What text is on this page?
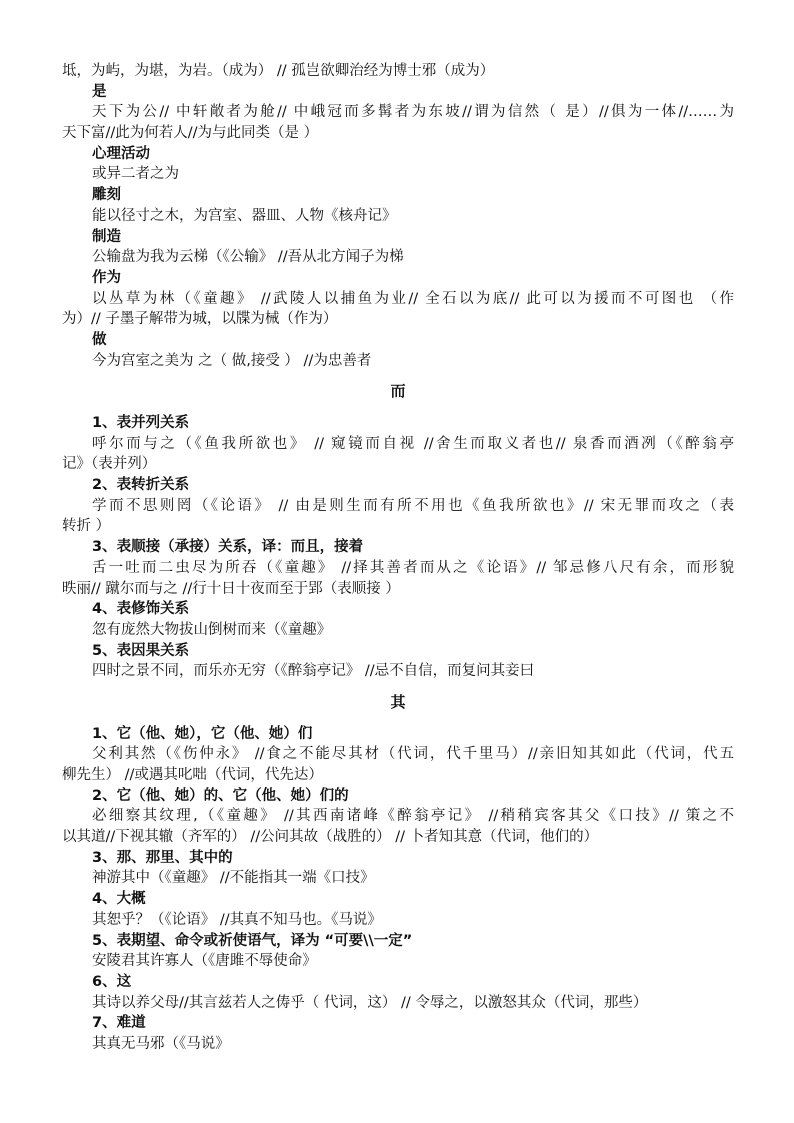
坻，为屿，为堪，为岩。（成为） // 孤岂欲卿治经为博士邪（成为）
是
天下为公// 中轩敞者为舱// 中峨冠而多髯者为东坡//谓为信然（ 是）//俱为一体//……为
天下富//此为何若人//为与此同类（是 ）
心理活动
或异二者之为
雕刻
能以径寸之木，为宫室、器皿、人物《核舟记》
制造
公输盘为我为云梯（《公输》 //吾从北方闻子为梯
作为
以丛草为林（《童趣》 //武陵人以捕鱼为业// 全石以为底// 此可以为援而不可图也 （作
为）// 子墨子解带为城，以牒为械（作为）
做
今为宫室之美为 之（ 做,接受 ） //为忠善者
而
1、表并列关系
呼尔而与之（《鱼我所欲也》 // 窥镜而自视 //舍生而取义者也// 泉香而酒冽（《醉翁亭
记》（表并列）
2、表转折关系
学而不思则罔（《论语》 // 由是则生而有所不用也《鱼我所欲也》// 宋无罪而攻之（表
转折 ）
3、表顺接（承接）关系，译：而且，接着
舌一吐而二虫尽为所吞（《童趣》 //择其善者而从之《论语》// 邹忌修八尺有余，而形貌
昳丽// 蹴尔而与之 //行十日十夜而至于郢（表顺接 ）
4、表修饰关系
忽有庞然大物拔山倒树而来（《童趣》
5、表因果关系
四时之景不同，而乐亦无穷（《醉翁亭记》 //忌不自信，而复问其妾曰
其
1、它（他、她），它（他、她）们
父利其然（《伤仲永》 //食之不能尽其材（代词，代千里马）//亲旧知其如此（代词，代五
柳先生） //或遇其叱咄（代词，代先达）
2、它（他、她）的、它（他、她）们的
必细察其纹理,（《童趣》 //其西南诸峰《醉翁亭记》 //稍稍宾客其父《口技》// 策之不
以其道//下视其辙（齐军的） //公问其故（战胜的） // 卜者知其意（代词，他们的）
3、那、那里、其中的
神游其中（《童趣》 //不能指其一端《口技》
4、大概
其恕乎？（《论语》 //其真不知马也。《马说》
5、表期望、命令或祈使语气，译为 “可要\\一定”
安陵君其许寡人（《唐雎不辱使命》
6、这
其诗以养父母//其言兹若人之俦乎（ 代词，这） // 令辱之，以激怒其众（代词，那些）
7、难道
其真无马邪（《马说》
